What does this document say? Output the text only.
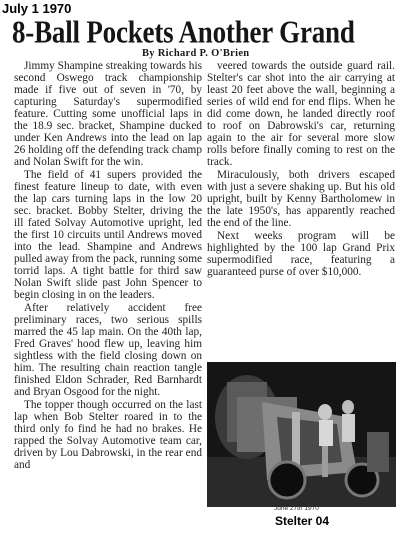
July 1 1970
8-Ball Pockets Another Grand
By Richard P. O'Brien

Jimmy Shampine streaking towards his second Oswego track championship made if five out of seven in '70, by capturing Saturday's supermodified feature. Cutting some unofficial laps in the 18.9 sec. bracket, Shampine ducked under Ken Andrews into the lead on lap 26 holding off the defending track champ and Nolan Swift for the win.

The field of 41 supers provided the finest feature lineup to date, with even the lap cars turning laps in the low 20 sec. bracket. Bobby Stelter, driving the ill fated Solvay Automotive upright, led the first 10 circuits until Andrews moved into the lead. Shampine and Andrews pulled away from the pack, running some torrid laps. A tight battle for third saw Nolan Swift slide past John Spencer to begin closing in on the leaders.

After relatively accident free preliminary races, two serious spills marred the 45 lap main. On the 40th lap, Fred Graves' hood flew up, leaving him sightless with the field closing down on him. The resulting chain reaction tangle finished Eldon Schrader, Red Barnhardt and Bryan Osgood for the night.

The topper though occurred on the last lap when Bob Stelter roared in to the third only fo find he had no brakes. He rapped the Solvay Automotive team car, driven by Lou Dabrowski, in the rear end and

veered towards the outside guard rail. Stelter's car shot into the air carrying at least 20 feet above the wall, beginning a series of wild end for end flips. When he did come down, he landed directly roof to roof on Dabrowski's car, returning again to the air for several more slow rolls before finally coming to rest on the track.

Miraculously, both drivers escaped with just a severe shaking up. But his old upright, built by Kenny Bartholomew in the late 1950's, has apparently reached the end of the line.

Next weeks program will be highlighted by the 100 lap Grand Prix supermodified race, featuring a guaranteed purse of over $10,000.

June 27th 1970
Stelter 04
